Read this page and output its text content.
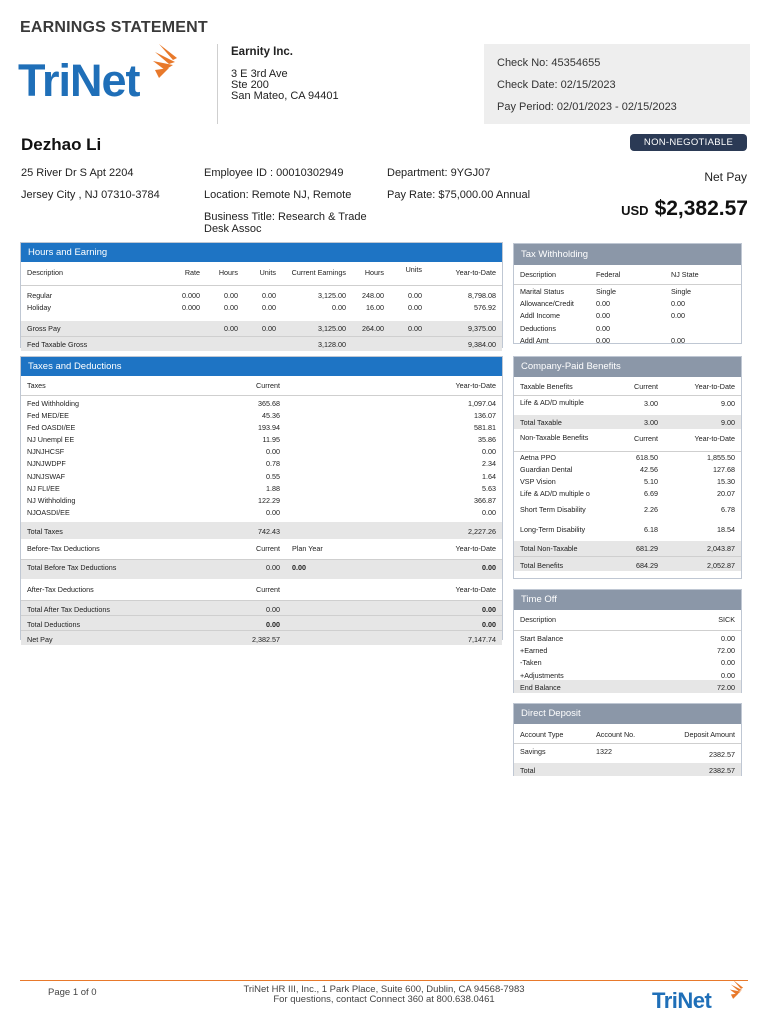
EARNINGS STATEMENT
TriNet
Earnity Inc.
3 E 3rd Ave
Ste 200
San Mateo, CA 94401
Check No: 45354655
Check Date: 02/15/2023
Pay Period: 02/01/2023 - 02/15/2023
Dezhao Li	NON-NEGOTIABLE
25 River Dr S Apt 2204
Jersey City , NJ 07310-3784
Employee ID : 00010302949
Location: Remote NJ, Remote
Business Title: Research & Trade
Desk Assoc
Department: 9YGJ07
Pay Rate: $75,000.00 Annual
Net Pay
USD $2,382.57
Hours and Earning
Description	Rate	Hours	Units	Current Earnings	Hours	Units	Year-to-Date

Regular	0.000	0.00	0.00	3,125.00	248.00	0.00	8,798.08
Holiday	0.000	0.00	0.00	0.00	16.00	0.00	576.92

Gross Pay		0.00	0.00	3,125.00	264.00	0.00	9,375.00
Fed Taxable Gross				3,128.00			9,384.00
Taxes and Deductions
Taxes	Current	Year-to-Date
Fed Withholding	365.68	1,097.04
Fed MED/EE	45.36	136.07
Fed OASDI/EE	193.94	581.81
NJ Unempl EE	11.95	35.86
NJNJHCSF	0.00	0.00
NJNJWDPF	0.78	2.34
NJNJSWAF	0.55	1.64
NJ FLI/EE	1.88	5.63
NJ Withholding	122.29	366.87
NJOASDI/EE	0.00	0.00
Total Taxes	742.43	2,227.26
Before-Tax Deductions	Current	Plan Year	Year-to-Date
Total Before Tax Deductions	0.00	0.00	0.00
After-Tax Deductions	Current	Year-to-Date
Total After Tax Deductions	0.00	0.00
Total Deductions	0.00	0.00
Net Pay	2,382.57	7,147.74
Tax Withholding
Description	Federal	NJ State
Marital Status	Single	Single
Allowance/Credit	0.00	0.00
Addl Income	0.00	0.00
Deductions	0.00	
Addl Amt	0.00	0.00
Company-Paid Benefits
Taxable Benefits	Current	Year-to-Date
Life & AD/D multiple	3.00	9.00
Total Taxable	3.00	9.00
Non-Taxable Benefits	Current	Year-to-Date
Aetna PPO	618.50	1,855.50
Guardian Dental	42.56	127.68
VSP Vision	5.10	15.30
Life & AD/D multiple o	6.69	20.07
Short Term Disability	2.26	6.78
Long-Term Disability	6.18	18.54
Total Non-Taxable	681.29	2,043.87
Total Benefits	684.29	2,052.87
Time Off
Description	SICK
Start Balance	0.00
+Earned	72.00
-Taken	0.00
+Adjustments	0.00
End Balance	72.00
Direct Deposit
Account Type	Account No.	Deposit Amount
Savings	1322	2382.57
Total		2382.57
Page 1 of 0	TriNet HR III, Inc., 1 Park Place, Suite 600, Dublin, CA 94568-7983
For questions, contact Connect 360 at 800.638.0461	TriNet
